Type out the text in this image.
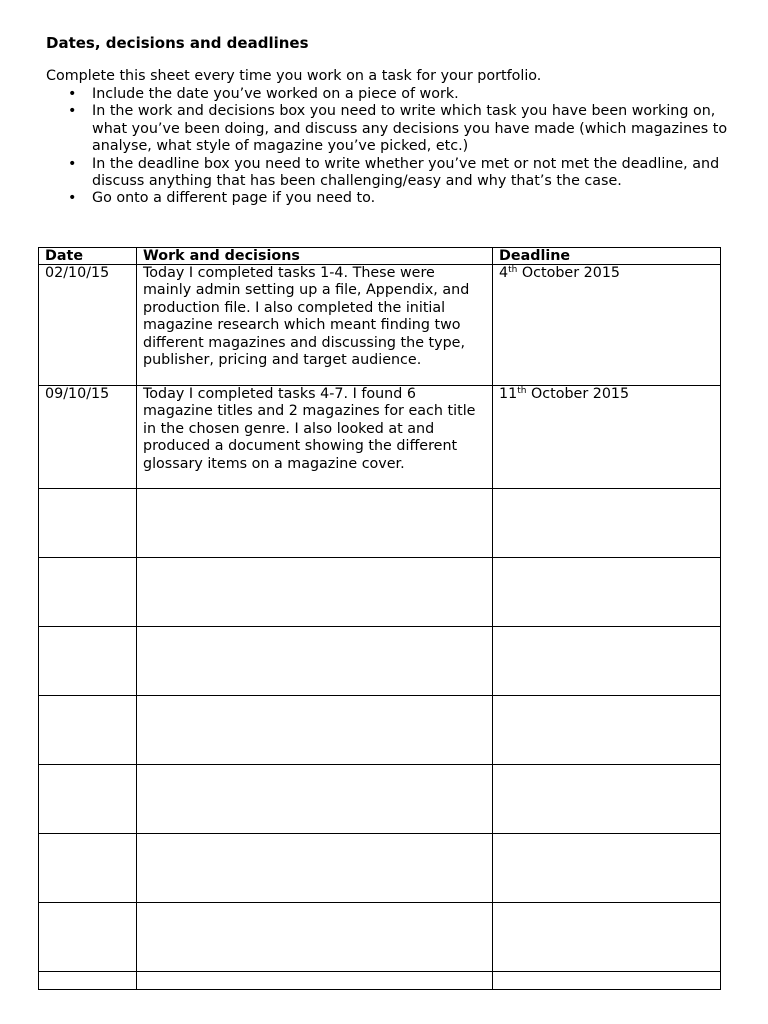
Dates, decisions and deadlines

Complete this sheet every time you work on a task for your portfolio.

• Include the date you’ve worked on a piece of work.
• In the work and decisions box you need to write which task you have been working on, what you’ve been doing, and discuss any decisions you have made (which magazines to analyse, what style of magazine you’ve picked, etc.)
• In the deadline box you need to write whether you’ve met or not met the deadline, and discuss anything that has been challenging/easy and why that’s the case.
• Go onto a different page if you need to.
Date	Work and decisions	Deadline
02/10/15	Today I completed tasks 1-4. These were mainly admin setting up a file, Appendix, and production file. I also completed the initial magazine research which meant finding two different magazines and discussing the type, publisher, pricing and target audience.	4th October 2015
09/10/15	Today I completed tasks 4-7. I found 6 magazine titles and 2 magazines for each title in the chosen genre. I also looked at and produced a document showing the different glossary items on a magazine cover.	11th October 2015
